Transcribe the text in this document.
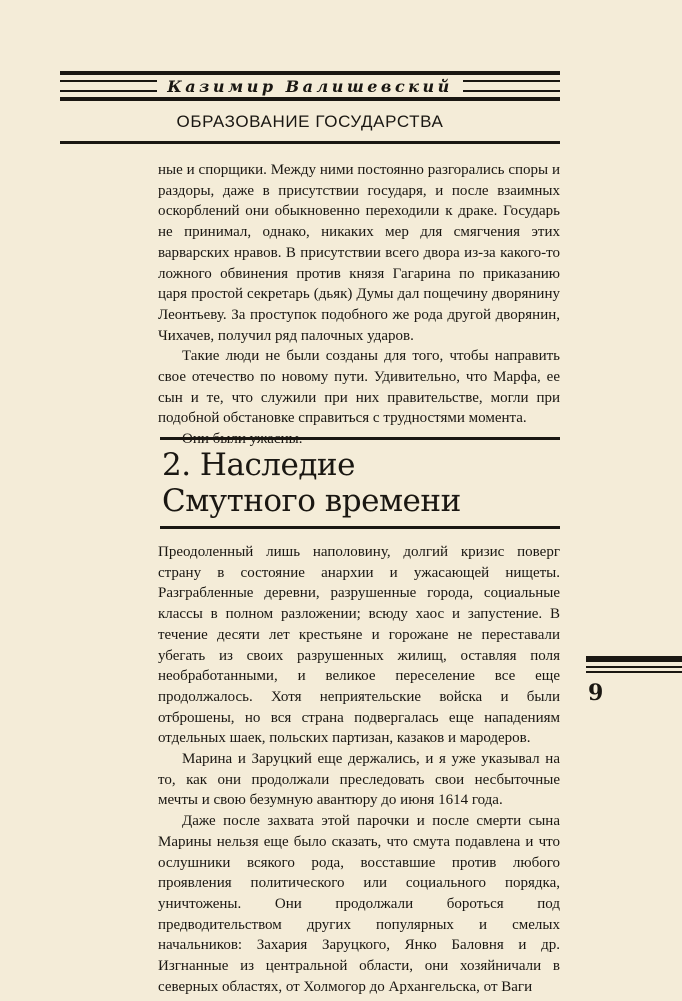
Казимир Валишевский
ОБРАЗОВАНИЕ ГОСУДАРСТВА

ные и спорщики. Между ними постоянно разгорались споры и раздоры, даже в присутствии государя, и после взаимных оскорблений они обыкновенно переходили к драке. Государь не принимал, однако, никаких мер для смягчения этих варварских нравов. В присутствии всего двора из-за какого-то ложного обвинения против князя Гагарина по приказанию царя простой секретарь (дьяк) Думы дал пощечину дворянину Леонтьеву. За проступок подобного же рода другой дворянин, Чихачев, получил ряд палочных ударов.

Такие люди не были созданы для того, чтобы направить свое отечество по новому пути. Удивительно, что Марфа, ее сын и те, что служили при них правительстве, могли при подобной обстановке справиться с трудностями момента.

2. Наследие
Смутного времени

Преодоленный лишь наполовину, долгий кризис поверг страну в состояние анархии и ужасающей нищеты. Разграбленные деревни, разрушенные города, социальные классы в полном разложении; всюду хаос и запустение. В течение десяти лет крестьяне и горожане не переставали убегать из своих разрушенных жилищ, оставляя поля необработанными, и великое переселение все еще продолжалось. Хотя неприятельские войска и были отброшены, но вся страна подвергалась еще нападениям отдельных шаек, польских партизан, казаков и мародеров.

Марина и Заруцкий еще держались, и я уже указывал на то, как они продолжали преследовать свои несбыточные мечты и свою безумную авантюру до июня 1614 года.

Даже после захвата этой парочки и после смерти сына Марины нельзя еще было сказать, что смута подавлена и что ослушники всякого рода, восставшие против любого проявления политического или социального порядка, уничтожены. Они продолжали бороться под предводительством других популярных и смелых начальников: Захария Заруцкого, Янко Баловня и др. Изгнанные из центральной области, они хозяйничали в северных областях, от Холмогор до Архангельска, от Ваги

9
